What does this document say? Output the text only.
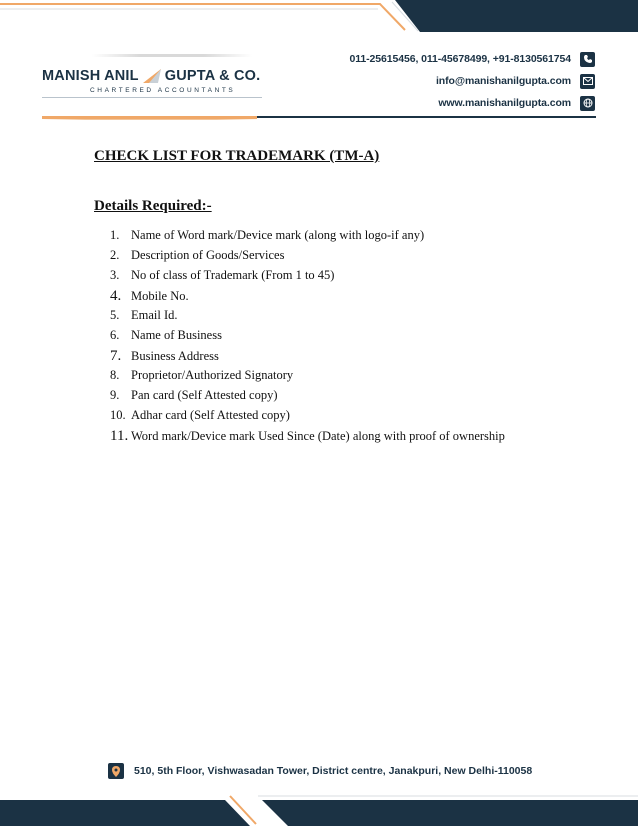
MANISH ANIL GUPTA & CO.
CHARTERED ACCOUNTANTS
011-25615456, 011-45678499, +91-8130561754
info@manishanilgupta.com
www.manishanilgupta.com
CHECK LIST FOR TRADEMARK (TM-A)
Details Required:-
1. Name of Word mark/Device mark (along with logo-if any)
2. Description of Goods/Services
3. No of class of Trademark (From 1 to 45)
4. Mobile No.
5. Email Id.
6. Name of Business
7. Business Address
8. Proprietor/Authorized Signatory
9. Pan card (Self Attested copy)
10. Adhar card (Self Attested copy)
11. Word mark/Device mark Used Since (Date) along with proof of ownership
510, 5th Floor, Vishwasadan Tower, District centre, Janakpuri, New Delhi-110058
